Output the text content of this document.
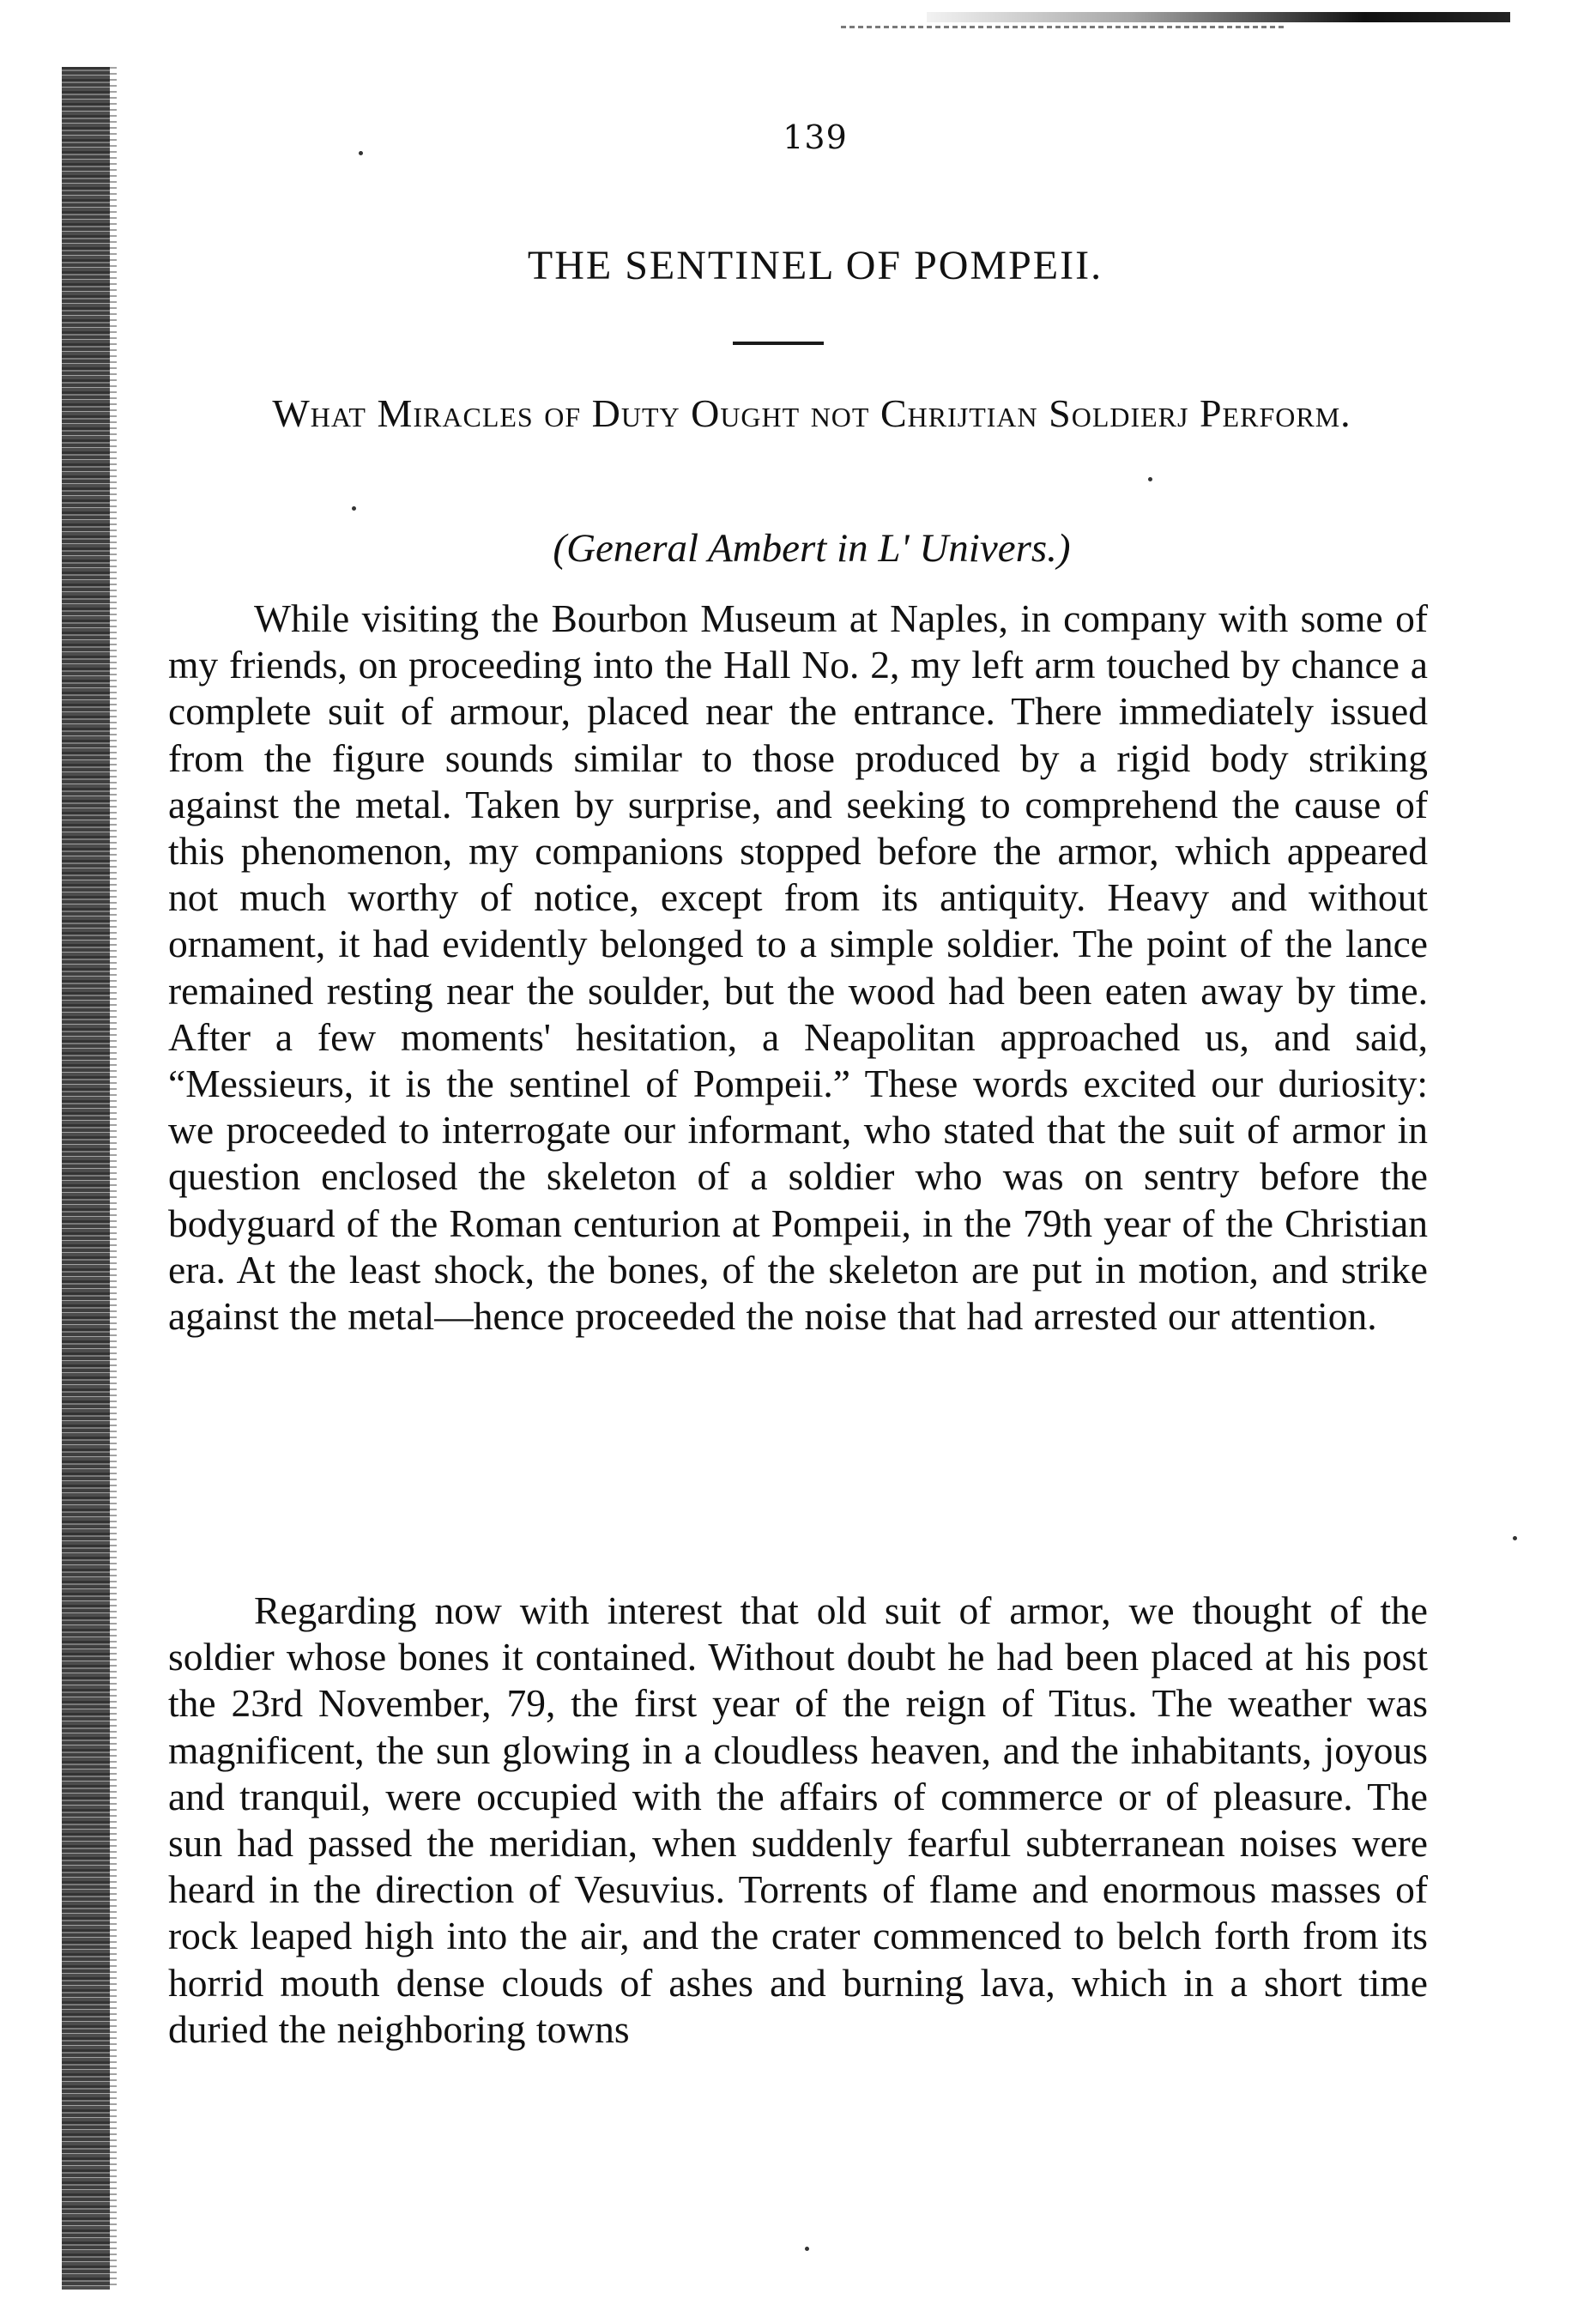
139
THE SENTINEL OF POMPEII.
What Miracles of Duty Ought not Chrijtian Soldierj Perform.
(General Ambert in L' Univers.)

While visiting the Bourbon Museum at Naples, in company with some of my friends, on proceeding into the Hall No. 2, my left arm touched by chance a complete suit of armour, placed near the entrance. There immediately issued from the figure sounds similar to those produced by a rigid body striking against the metal. Taken by surprise, and seeking to comprehend the cause of this phenomenon, my companions stopped before the armor, which appeared not much worthy of notice, except from its antiquity. Heavy and without ornament, it had evidently belonged to a simple soldier. The point of the lance remained resting near the soulder, but the wood had been eaten away by time. After a few moments' hesitation, a Neapolitan approached us, and said, “Messieurs, it is the sentinel of Pompeii.” These words excited our duriosity: we proceeded to interrogate our informant, who stated that the suit of armor in question enclosed the skeleton of a soldier who was on sentry before the bodyguard of the Roman centurion at Pompeii, in the 79th year of the Christian era. At the least shock, the bones, of the skeleton are put in motion, and strike against the metal—hence proceeded the noise that had arrested our attention.

Regarding now with interest that old suit of armor, we thought of the soldier whose bones it contained. Without doubt he had been placed at his post the 23rd November, 79, the first year of the reign of Titus. The weather was magnificent, the sun glowing in a cloudless heaven, and the inhabitants, joyous and tranquil, were occupied with the affairs of commerce or of pleasure. The sun had passed the meridian, when suddenly fearful subterranean noises were heard in the direction of Vesuvius. Torrents of flame and enormous masses of rock leaped high into the air, and the crater commenced to belch forth from its horrid mouth dense clouds of ashes and burning lava, which in a short time duried the neighboring towns
